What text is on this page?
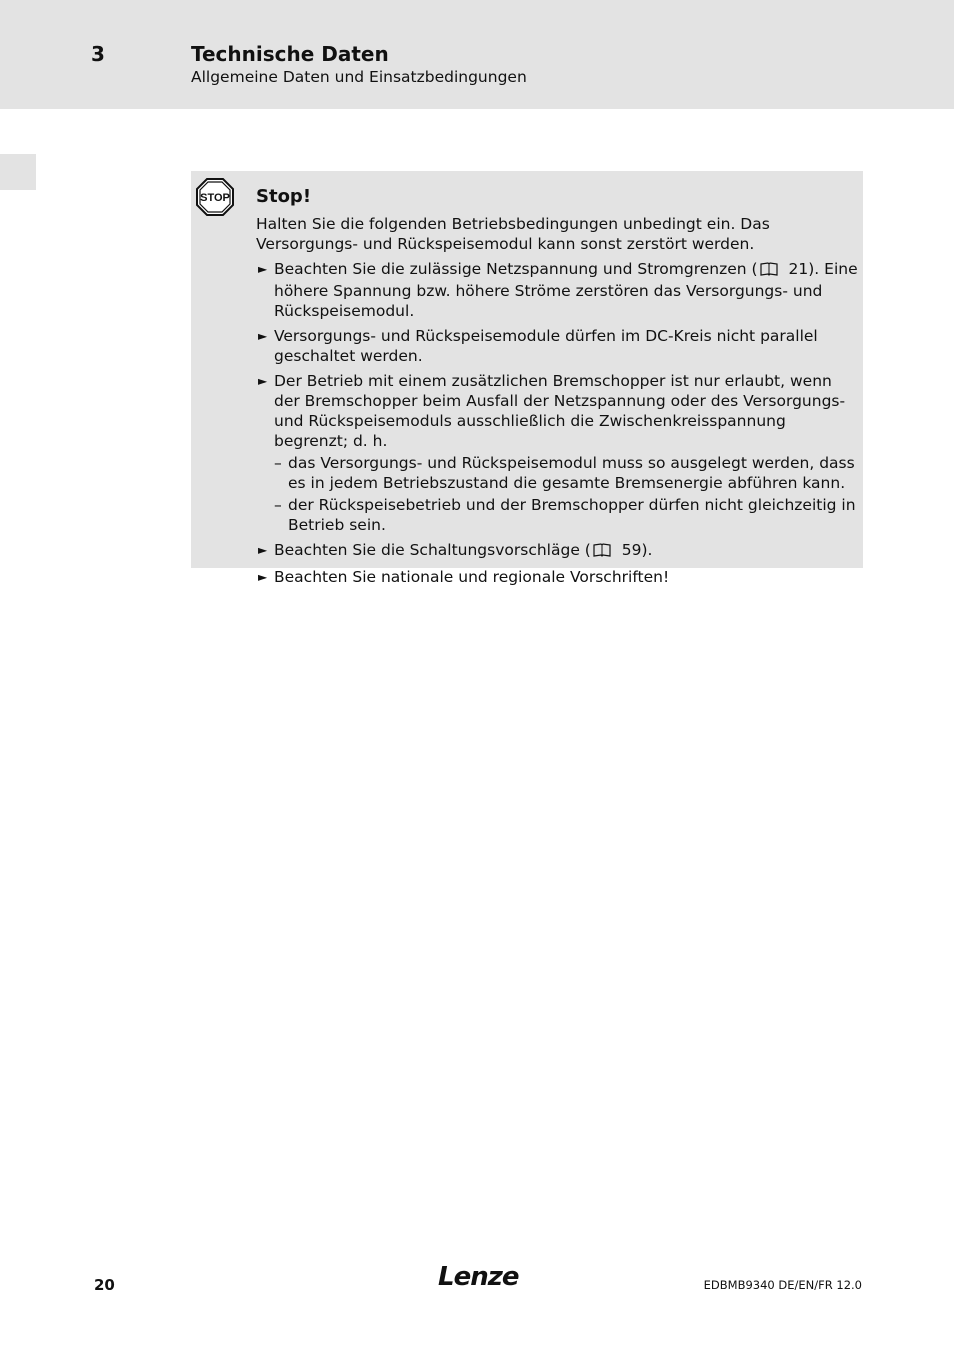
3	Technische Daten
Allgemeine Daten und Einsatzbedingungen
STOP Stop!
Halten Sie die folgenden Betriebsbedingungen unbedingt ein. Das Versorgungs- und Rückspeisemodul kann sonst zerstört werden.
► Beachten Sie die zulässige Netzspannung und Stromgrenzen ( 21). Eine höhere Spannung bzw. höhere Ströme zerstören das Versorgungs- und Rückspeisemodul.
► Versorgungs- und Rückspeisemodule dürfen im DC-Kreis nicht parallel geschaltet werden.
► Der Betrieb mit einem zusätzlichen Bremschopper ist nur erlaubt, wenn der Bremschopper beim Ausfall der Netzspannung oder des Versorgungs- und Rückspeisemoduls ausschließlich die Zwischenkreisspannung begrenzt; d. h.
– das Versorgungs- und Rückspeisemodul muss so ausgelegt werden, dass es in jedem Betriebszustand die gesamte Bremsenergie abführen kann.
– der Rückspeisebetrieb und der Bremschopper dürfen nicht gleichzeitig in Betrieb sein.
► Beachten Sie die Schaltungsvorschläge ( 59).
► Beachten Sie nationale und regionale Vorschriften!
20	Lenze	EDBMB9340 DE/EN/FR 12.0
